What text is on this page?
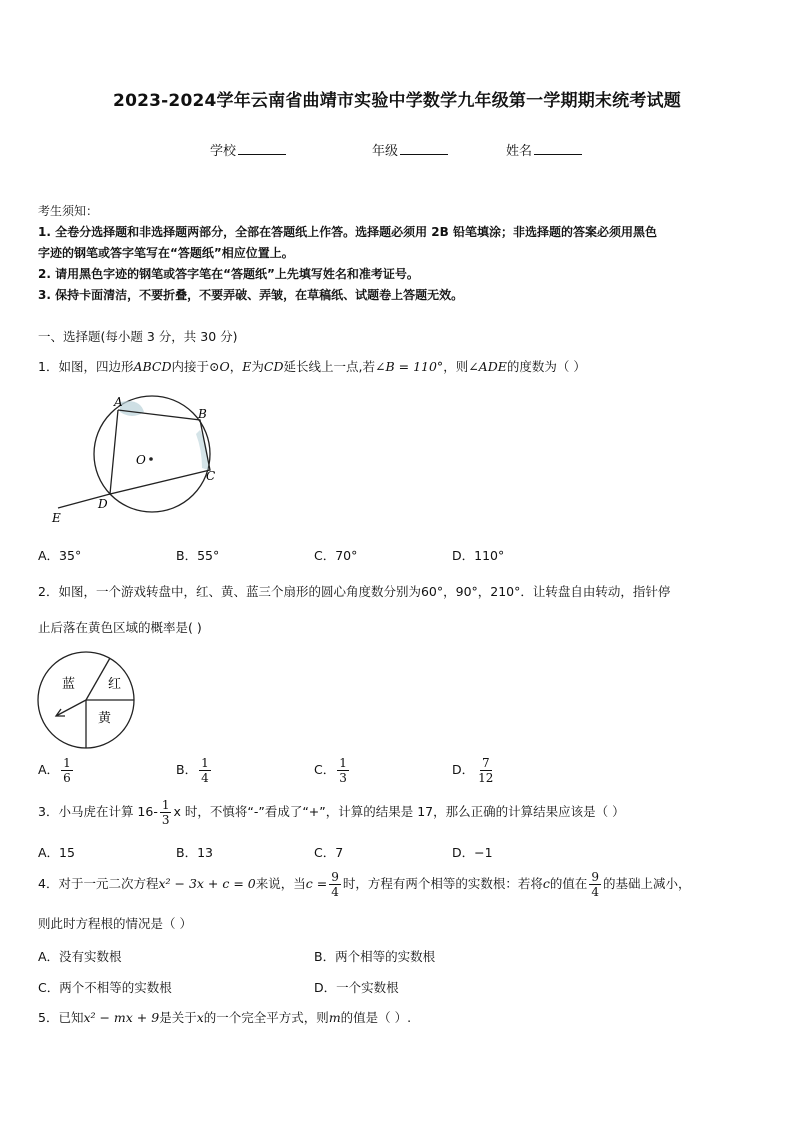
2023-2024学年云南省曲靖市实验中学数学九年级第一学期期末统考试题
学校	年级	姓名
考生须知：
1. 全卷分选择题和非选择题两部分，全部在答题纸上作答。选择题必须用 2B 铅笔填涂；非选择题的答案必须用黑色
字迹的钢笔或答字笔写在“答题纸”相应位置上。
2. 请用黑色字迹的钢笔或答字笔在“答题纸”上先填写姓名和准考证号。
3. 保持卡面清洁，不要折叠，不要弄破、弄皱，在草稿纸、试题卷上答题无效。
一、选择题(每小题 3 分，共 30 分)
1．如图，四边形ABCD内接于⊙O，E为CD延长线上一点,若∠B = 110°，则∠ADE的度数为（ ）
A
B
C
D
E
O
A．35°	B．55°	C．70°	D．110°
2．如图，一个游戏转盘中，红、黄、蓝三个扇形的圆心角度数分别为60°，90°，210°．让转盘自由转动，指针停
止后落在黄色区域的概率是( )
蓝	红
黄
A． $\frac{1}{6}$	B． $\frac{1}{4}$	C． $\frac{1}{3}$	D． $\frac{7}{12}$
3．小马虎在计算 $16- \frac{1}{3}$ x 时，不慎将“-”看成了“+”，计算的结果是 17，那么正确的计算结果应该是（ ）
A．15	B．13	C．7	D．−1
4．对于一元二次方程x² − 3x + c = 0来说，当$c = \frac{9}{4}$ 时，方程有两个相等的实数根：若将c的值在 $\frac{9}{4}$ 的基础上减小，
则此时方程根的情况是（ ）
A．没有实数根	B．两个相等的实数根
C．两个不相等的实数根	D．一个实数根
5．已知x² − mx + 9是关于x的一个完全平方式，则m的值是（ ）.
